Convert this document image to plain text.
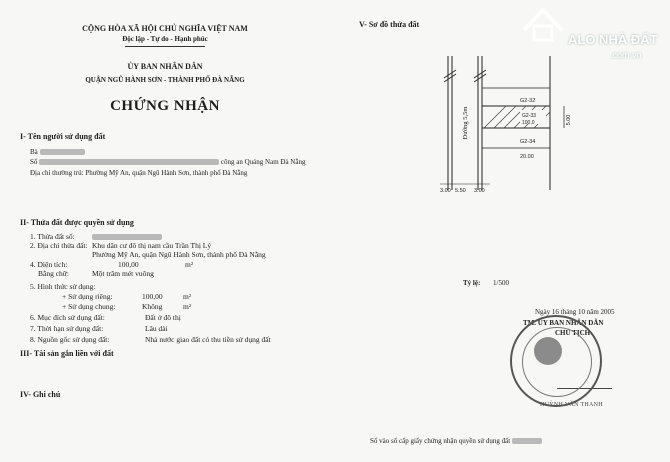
CỘNG HÒA XÃ HỘI CHỦ NGHĨA VIỆT NAM
Độc lập - Tự do - Hạnh phúc
ỦY BAN NHÂN DÂN
QUẬN NGŨ HÀNH SƠN - THÀNH PHỐ ĐÀ NẴNG
CHỨNG NHẬN
I- Tên người sử dụng đất
Bà
Số	công an Quảng Nam Đà Nẵng
Địa chỉ thường trú: Phường Mỹ An, quận Ngũ Hành Sơn, thành phố Đà Nẵng
II- Thửa đất được quyền sử dụng
1. Thửa đất số:
2. Địa chỉ thửa đất: Khu dân cư đô thị nam cầu Trần Thị Lý
Phường Mỹ An, quận Ngũ Hành Sơn, thành phố Đà Nẵng
4. Diện tích:	100,00	m²
Bằng chữ:	Một trăm mét vuông
5. Hình thức sử dụng:
+ Sử dụng riêng:	100,00	m²
+ Sử dụng chung:	Không	m²
6. Mục đích sử dụng đất:	Đất ở đô thị
7. Thời hạn sử dụng đất:	Lâu dài
8. Nguồn gốc sử dụng đất:	Nhà nước giao đất có thu tiền sử dụng đất
III- Tài sản gắn liền với đất
IV- Ghi chú
V- Sơ đồ thửa đất
Đường 5,5m
G2-32
G2-33
100,0
G2-34
20.00
5.00
3.00 5.50 3.00
Tỷ lệ: 1/500
Ngày 16 tháng 10 năm 2005
TM. ỦY BAN NHÂN DÂN
CHỦ TỊCH
HUỲNH VĂN THANH
Số vào sổ cấp giấy chứng nhận quyền sử dụng đất
ALO NHÀ ĐẤT
.com.vn
